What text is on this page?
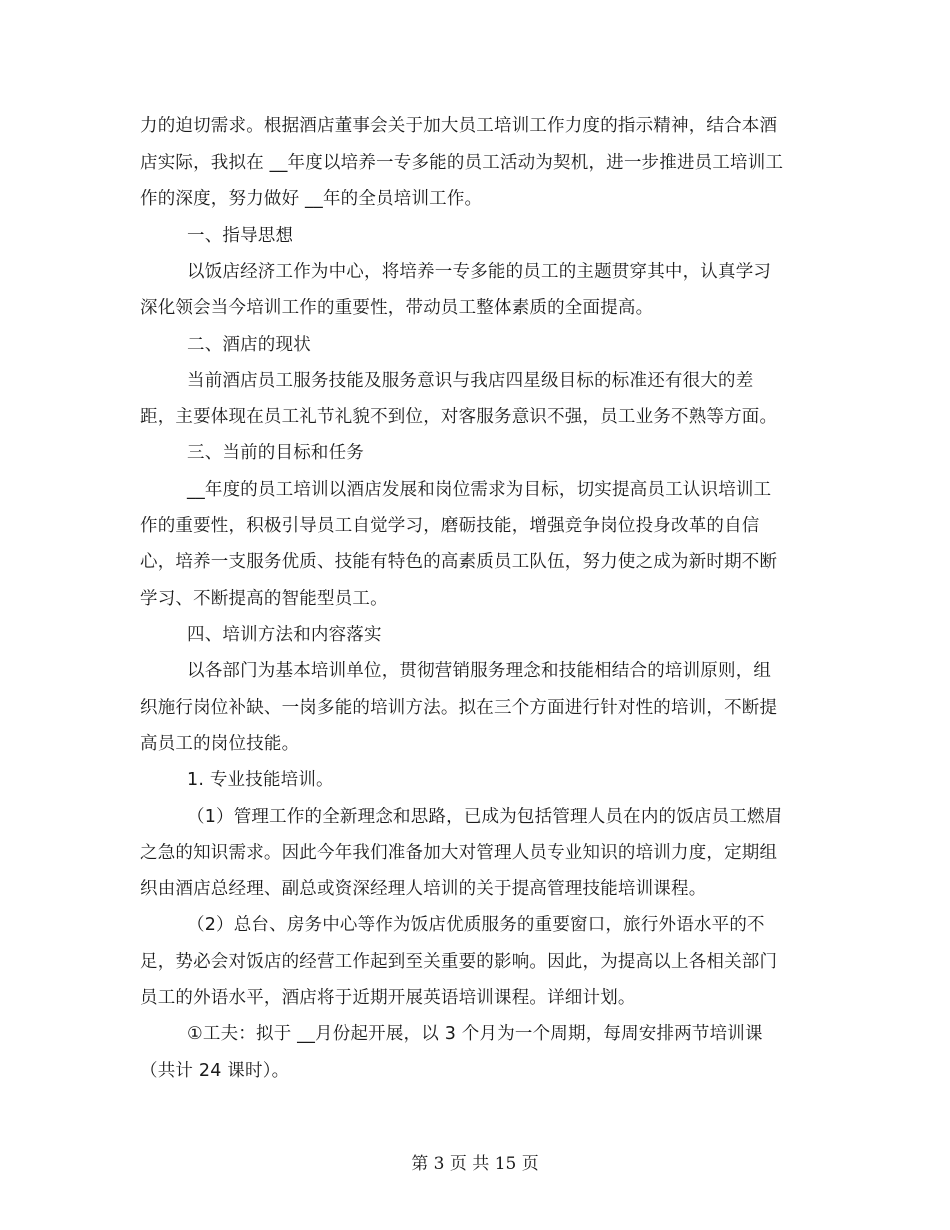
力的迫切需求。根据酒店董事会关于加大员工培训工作力度的指示精神，结合本酒
店实际，我拟在 __年度以培养一专多能的员工活动为契机，进一步推进员工培训工
作的深度，努力做好 __年的全员培训工作。
一、指导思想
以饭店经济工作为中心，将培养一专多能的员工的主题贯穿其中，认真学习
深化领会当今培训工作的重要性，带动员工整体素质的全面提高。
二、酒店的现状
当前酒店员工服务技能及服务意识与我店四星级目标的标准还有很大的差
距，主要体现在员工礼节礼貌不到位，对客服务意识不强，员工业务不熟等方面。
三、当前的目标和任务
__年度的员工培训以酒店发展和岗位需求为目标，切实提高员工认识培训工
作的重要性，积极引导员工自觉学习，磨砺技能，增强竞争岗位投身改革的自信
心，培养一支服务优质、技能有特色的高素质员工队伍，努力使之成为新时期不断
学习、不断提高的智能型员工。
四、培训方法和内容落实
以各部门为基本培训单位，贯彻营销服务理念和技能相结合的培训原则，组
织施行岗位补缺、一岗多能的培训方法。拟在三个方面进行针对性的培训，不断提
高员工的岗位技能。
1. 专业技能培训。
（1）管理工作的全新理念和思路，已成为包括管理人员在内的饭店员工燃眉
之急的知识需求。因此今年我们准备加大对管理人员专业知识的培训力度，定期组
织由酒店总经理、副总或资深经理人培训的关于提高管理技能培训课程。
（2）总台、房务中心等作为饭店优质服务的重要窗口，旅行外语水平的不
足，势必会对饭店的经营工作起到至关重要的影响。因此，为提高以上各相关部门
员工的外语水平，酒店将于近期开展英语培训课程。详细计划。
①工夫：拟于 __月份起开展，以 3 个月为一个周期，每周安排两节培训课
（共计 24 课时）。
第 3 页 共 15 页
